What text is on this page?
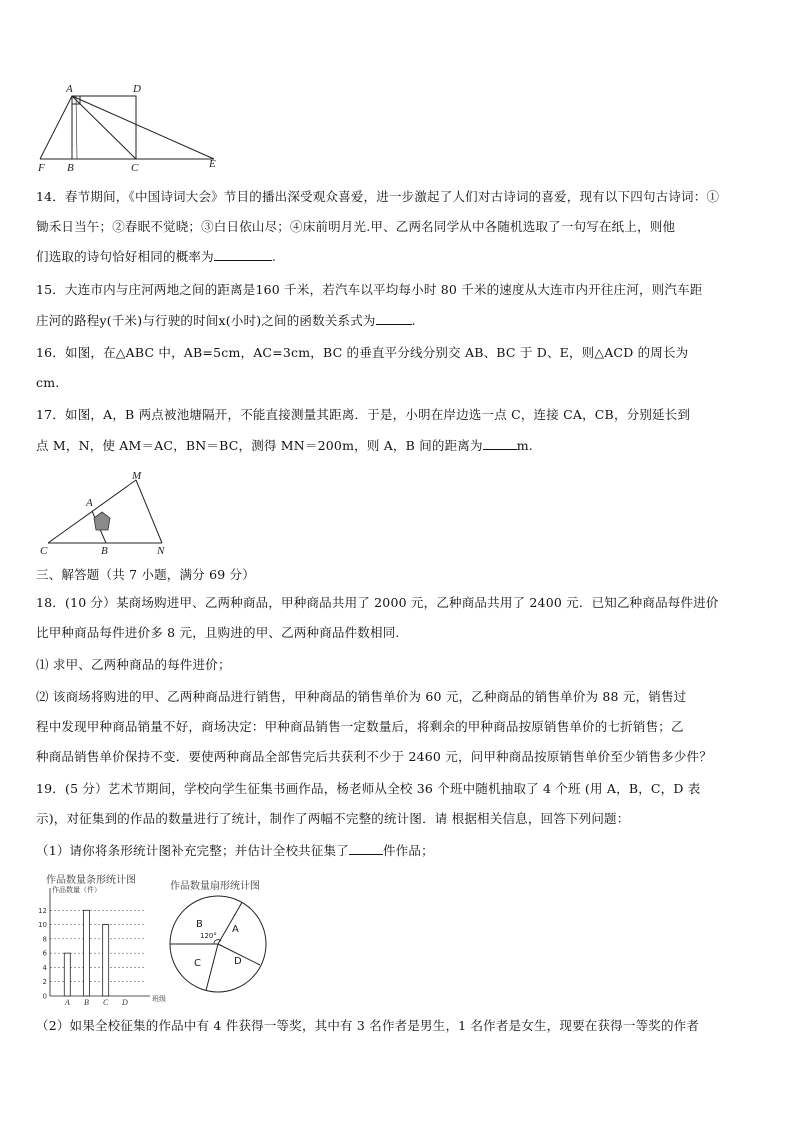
A	D
F B	C	E
14．春节期间，《中国诗词大会》节目的播出深受观众喜爱，进一步激起了人们对古诗词的喜爱，现有以下四句古诗词：①
锄禾日当午；②春眠不觉晓；③白日依山尽；④床前明月光.甲、乙两名同学从中各随机选取了一句写在纸上，则他
们选取的诗句恰好相同的概率为	.
15．大连市内与庄河两地之间的距离是160 千米，若汽车以平均每小时 80 千米的速度从大连市内开往庄河，则汽车距
庄河的路程y(千米)与行驶的时间x(小时)之间的函数关系式为	.
16．如图，在△ABC 中，AB=5cm，AC=3cm，BC 的垂直平分线分别交 AB、BC 于 D、E，则△ACD 的周长为
cm.
17．如图，A，B 两点被池塘隔开，不能直接测量其距离．于是，小明在岸边选一点 C，连接 CA，CB，分别延长到
点 M，N，使 AM＝AC，BN＝BC，测得 MN＝200m，则 A，B 间的距离为	m.
M
A
C	B	N
三、解答题（共 7 小题，满分 69 分）
18．(10 分）某商场购进甲、乙两种商品，甲种商品共用了 2000 元，乙种商品共用了 2400 元．已知乙种商品每件进价
比甲种商品每件进价多 8 元，且购进的甲、乙两种商品件数相同.
⑴ 求甲、乙两种商品的每件进价；
⑵ 该商场将购进的甲、乙两种商品进行销售，甲种商品的销售单价为 60 元，乙种商品的销售单价为 88 元，销售过
程中发现甲种商品销量不好，商场决定：甲种商品销售一定数量后，将剩余的甲种商品按原销售单价的七折销售；乙
种商品销售单价保持不变．要使两种商品全部售完后共获利不少于 2460 元，问甲种商品按原销售单价至少销售多少件？
19．(5 分）艺术节期间，学校向学生征集书画作品，杨老师从全校 36 个班中随机抽取了 4 个班 (用 A，B，C，D 表
示)，对征集到的作品的数量进行了统计，制作了两幅不完整的统计图．请 根据相关信息，回答下列问题：
（1）请你将条形统计图补充完整；并估计全校共征集了	件作品；
作品数量条形统计图
0
2
4
6
8
10
12
作品数量（件）
班级
A B C D
作品数量扇形统计图
B
120°
A
C	D
（2）如果全校征集的作品中有 4 件获得一等奖，其中有 3 名作者是男生，1 名作者是女生，现要在获得一等奖的作者
